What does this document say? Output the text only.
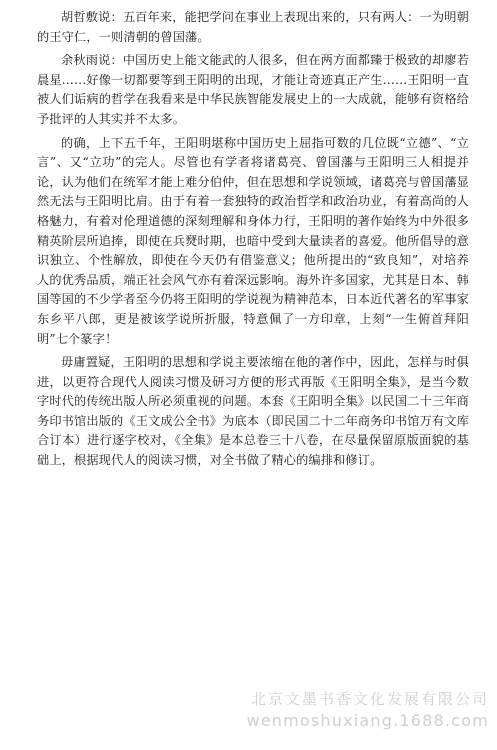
胡哲敷说：五百年来，能把学问在事业上表现出来的，只有两人：一为明朝的王守仁，一则清朝的曾国藩。

余秋雨说：中国历史上能文能武的人很多，但在两方面都臻于极致的却廖若晨星……好像一切都要等到王阳明的出现，才能让奇迹真正产生……王阳明一直被人们诟病的哲学在我看来是中华民族智能发展史上的一大成就，能够有资格给予批评的人其实并不太多。

的确，上下五千年，王阳明堪称中国历史上屈指可数的几位既“立德”、“立言”、又“立功”的完人。尽管也有学者将诸葛亮、曾国藩与王阳明三人相提并论，认为他们在统军才能上难分伯仲，但在思想和学说领域，诸葛亮与曾国藩显然无法与王阳明比肩。由于有着一套独特的政治哲学和政治功业，有着高尚的人格魅力，有着对伦理道德的深刻理解和身体力行，王阳明的著作始终为中外很多精英阶层所追捧，即使在兵燹时期，也暗中受到大量读者的喜爱。他所倡导的意识独立、个性解放，即使在今天仍有借鉴意义；他所提出的“致良知”，对培养人的优秀品质，端正社会风气亦有着深远影响。海外许多国家，尤其是日本、韩国等国的不少学者至今仍将王阳明的学说视为精神范本，日本近代著名的军事家东乡平八郎，更是被该学说所折服，特意佩了一方印章，上刻“一生俯首拜阳明”七个篆字！

毋庸置疑，王阳明的思想和学说主要浓缩在他的著作中，因此，怎样与时俱进，以更符合现代人阅读习惯及研习方便的形式再版《王阳明全集》，是当今数字时代的传统出版人所必须重视的问题。本套《王阳明全集》以民国二十三年商务印书馆出版的《王文成公全书》为底本（即民国二十二年商务印书馆万有文库合订本）进行逐字校对，《全集》是本总卷三十八卷，在尽量保留原版面貌的基础上，根据现代人的阅读习惯，对全书做了精心的编排和修订。

北京文墨书香文化发展有限公司
wenmoshuxiang.1688.com
